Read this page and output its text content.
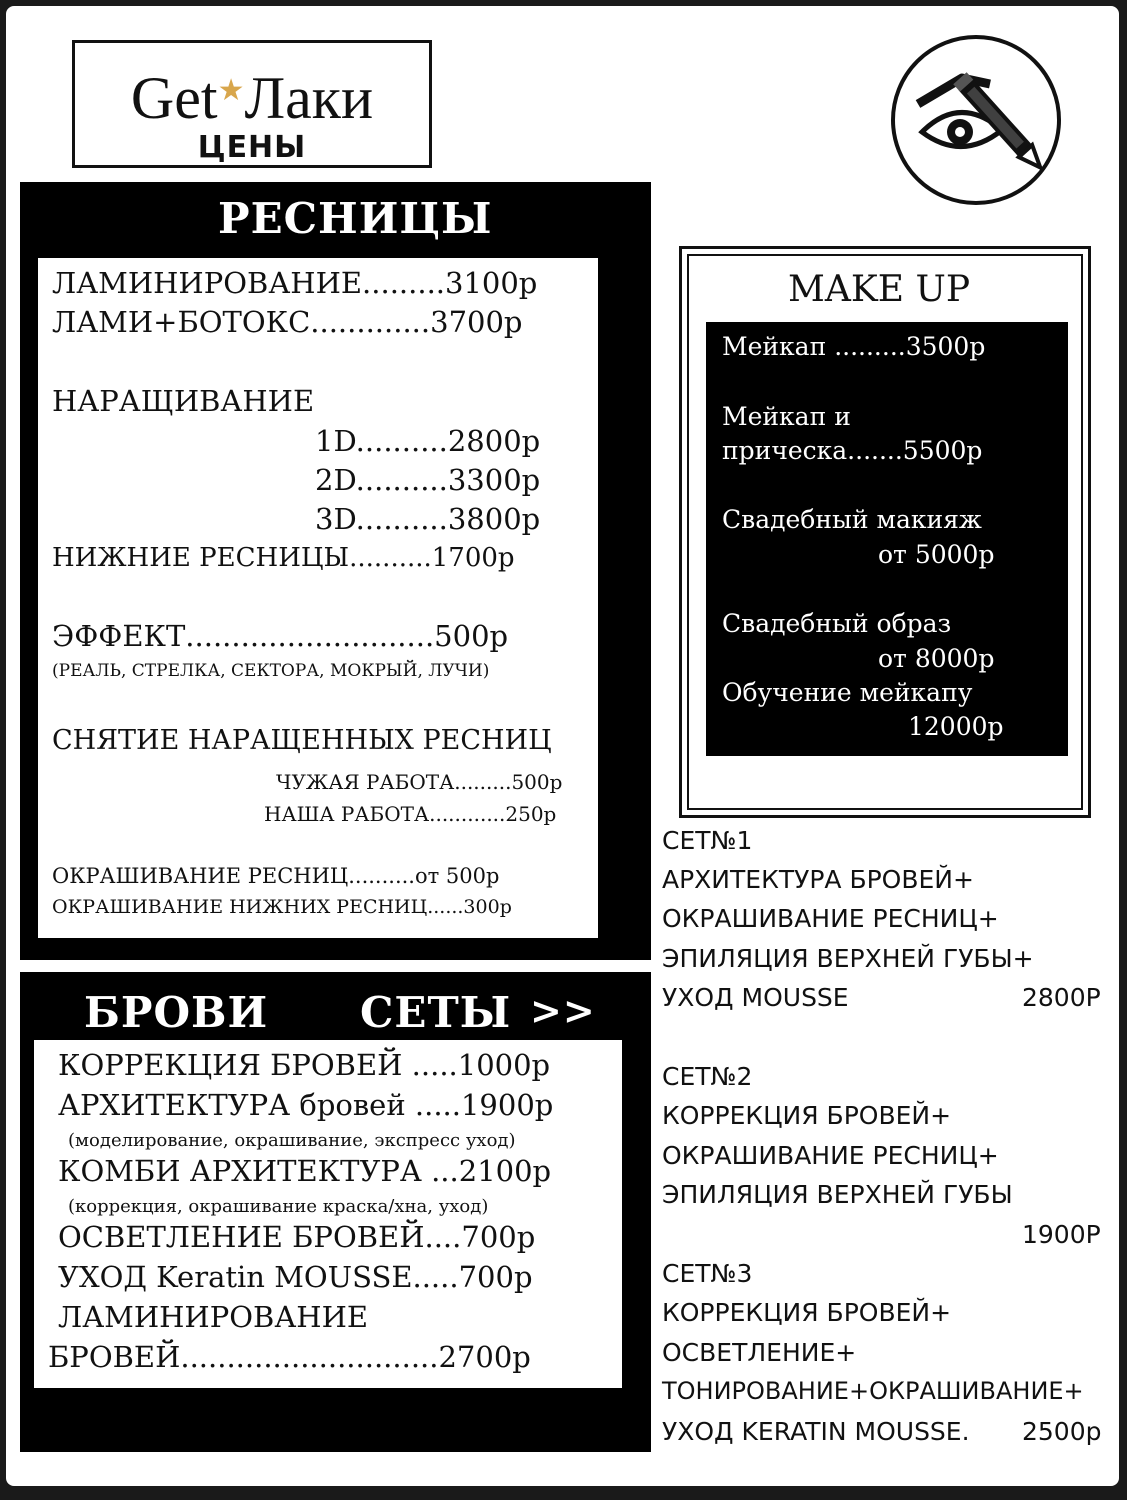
Get★Лаки
ЦЕНЫ
РЕСНИЦЫ
ЛАМИНИРОВАНИЕ.........3100р
ЛАМИ+БОТОКС.............3700р
НАРАЩИВАНИЕ
1D..........2800р
2D..........3300р
3D..........3800р
НИЖНИЕ РЕСНИЦЫ..........1700р
ЭФФЕКТ...........................500р
(РЕАЛЬ, СТРЕЛКА, СЕКТОРА, МОКРЫЙ, ЛУЧИ)
СНЯТИЕ НАРАЩЕННЫХ РЕСНИЦ
ЧУЖАЯ РАБОТА.........500р
НАША РАБОТА............250р
ОКРАШИВАНИЕ РЕСНИЦ..........от 500р
ОКРАШИВАНИЕ НИЖНИХ РЕСНИЦ......300р
БРОВИ СЕТЫ >>
КОРРЕКЦИЯ БРОВЕЙ .....1000р
АРХИТЕКТУРА бровей .....1900р
(моделирование, окрашивание, экспресс уход)
КОМБИ АРХИТЕКТУРА ...2100р
(коррекция, окрашивание краска/хна, уход)
ОСВЕТЛЕНИЕ БРОВЕЙ....700р
УХОД Keratin MOUSSE.....700р
ЛАМИНИРОВАНИЕ
БРОВЕЙ............................2700р
MAKE UP
Мейкап .........3500р
Мейкап и
прическа.......5500р
Свадебный макияж
от 5000р
Свадебный образ
от 8000р
Обучение мейкапу
12000р
СЕТ№1
АРХИТЕКТУРА БРОВЕЙ+
ОКРАШИВАНИЕ РЕСНИЦ+
ЭПИЛЯЦИЯ ВЕРХНЕЙ ГУБЫ+
УХОД MOUSSE	2800Р
СЕТ№2
КОРРЕКЦИЯ БРОВЕЙ+
ОКРАШИВАНИЕ РЕСНИЦ+
ЭПИЛЯЦИЯ ВЕРХНЕЙ ГУБЫ
1900Р
СЕТ№3
КОРРЕКЦИЯ БРОВЕЙ+
ОСВЕТЛЕНИЕ+
ТОНИРОВАНИЕ+ОКРАШИВАНИЕ+
УХОД KERATIN MOUSSE. 2500р
